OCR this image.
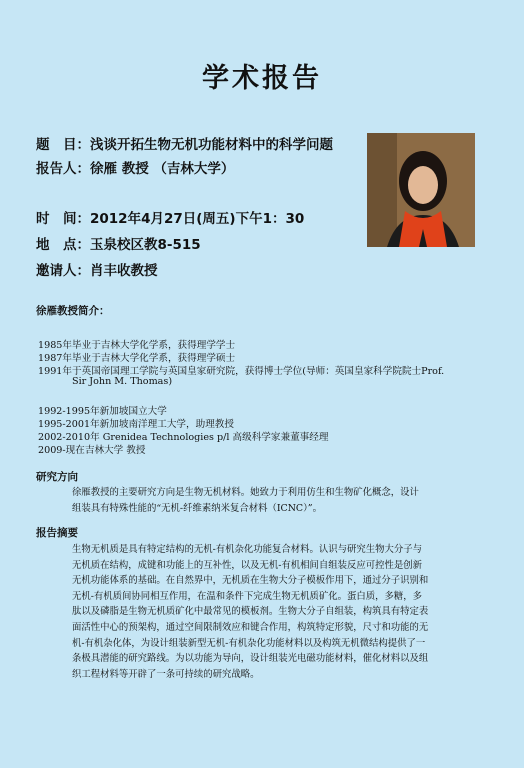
学术报告
题　目：浅谈开拓生物无机功能材料中的科学问题
报告人：徐雁 教授 （吉林大学）
时　间：2012年4月27日(周五)下午1：30
地　点：玉泉校区教8-515
邀请人：肖丰收教授
徐雁教授简介：
1985年毕业于吉林大学化学系，获得理学学士
1987年毕业于吉林大学化学系，获得理学硕士
1991年于英国帝国理工学院与英国皇家研究院，获得博士学位(导师：英国皇家科学院院士Prof.
Sir John M. Thomas)
1992-1995年新加坡国立大学
1995-2001年新加坡南洋理工大学，助理教授
2002-2010年 Grenidea Technologies p/l 高级科学家兼董事经理
2009-现在吉林大学 教授
研究方向
徐雁教授的主要研究方向是生物无机材料。她致力于利用仿生和生物矿化概念，设计
组装具有特殊性能的“无机-纤维素纳米复合材料（ICNC）”。
报告摘要
生物无机质是具有特定结构的无机-有机杂化功能复合材料。认识与研究生物大分子与
无机质在结构，成键和功能上的互补性，以及无机-有机相间自组装反应可控性是创新
无机功能体系的基础。在自然界中，无机质在生物大分子模板作用下，通过分子识别和
无机-有机质间协同相互作用，在温和条件下完成生物无机质矿化。蛋白质，多糖，多
肽以及磷脂是生物无机质矿化中最常见的模板剂。生物大分子自组装，构筑具有特定表
面活性中心的预架构，通过空间限制效应和键合作用，构筑特定形貌，尺寸和功能的无
机-有机杂化体，为设计组装新型无机-有机杂化功能材料以及构筑无机微结构提供了一
条极具潜能的研究路线。为以功能为导向，设计组装光电磁功能材料，催化材料以及组
织工程材料等开辟了一条可持续的研究战略。
